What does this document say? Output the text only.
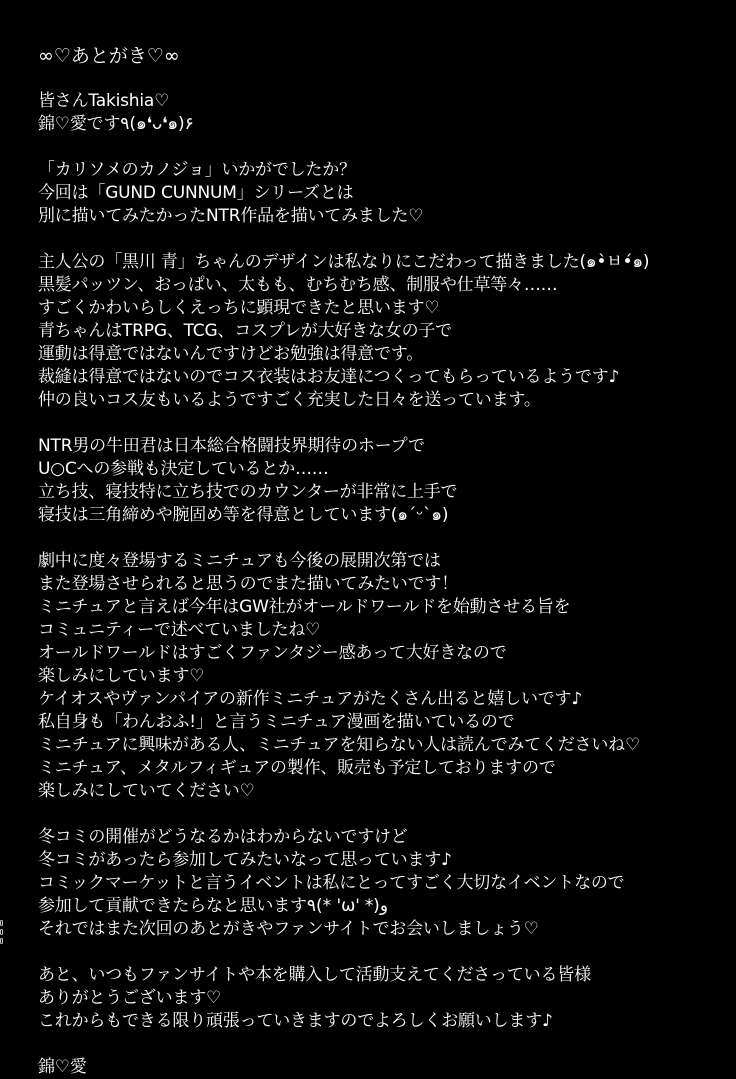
∞♡あとがき♡∞
皆さんTakishia♡
錦♡愛です٩(๑❛ᴗ❛๑)۶
「カリソメのカノジョ」いかがでしたか？
今回は「GUND CUNNUM」シリーズとは
別に描いてみたかったNTR作品を描いてみました♡
主人公の「黒川 青」ちゃんのデザインは私なりにこだわって描きました(๑•̀ㅂ•́๑)
黒髪パッツン、おっぱい、太もも、むちむち感、制服や仕草等々……
すごくかわいらしくえっちに顕現できたと思います♡
青ちゃんはTRPG、TCG、コスプレが大好きな女の子で
運動は得意ではないんですけどお勉強は得意です。
裁縫は得意ではないのでコス衣装はお友達につくってもらっているようです♪
仲の良いコス友もいるようですごく充実した日々を送っています。
NTR男の牛田君は日本総合格闘技界期待のホープで
U○Cへの参戦も決定しているとか……
立ち技、寝技特に立ち技でのカウンターが非常に上手で
寝技は三角締めや腕固め等を得意としています(๑ˊᵕˋ๑)
劇中に度々登場するミニチュアも今後の展開次第では
また登場させられると思うのでまた描いてみたいです！
ミニチュアと言えば今年はGW社がオールドワールドを始動させる旨を
コミュニティーで述べていましたね♡
オールドワールドはすごくファンタジー感あって大好きなので
楽しみにしています♡
ケイオスやヴァンパイアの新作ミニチュアがたくさん出ると嬉しいです♪
私自身も「わんおふ!」と言うミニチュア漫画を描いているので
ミニチュアに興味がある人、ミニチュアを知らない人は読んでみてくださいね♡
ミニチュア、メタルフィギュアの製作、販売も予定しておりますので
楽しみにしていてください♡
冬コミの開催がどうなるかはわからないですけど
冬コミがあったら参加してみたいなって思っています♪
コミックマーケットと言うイベントは私にとってすごく大切なイベントなので
参加して貢献できたらなと思います٩(* 'ω' *)و
それではまた次回のあとがきやファンサイトでお会いしましょう♡
あと、いつもファンサイトや本を購入して活動支えてくださっている皆様
ありがとうございます♡
これからもできる限り頑張っていきますのでよろしくお願いします♪
錦♡愛
